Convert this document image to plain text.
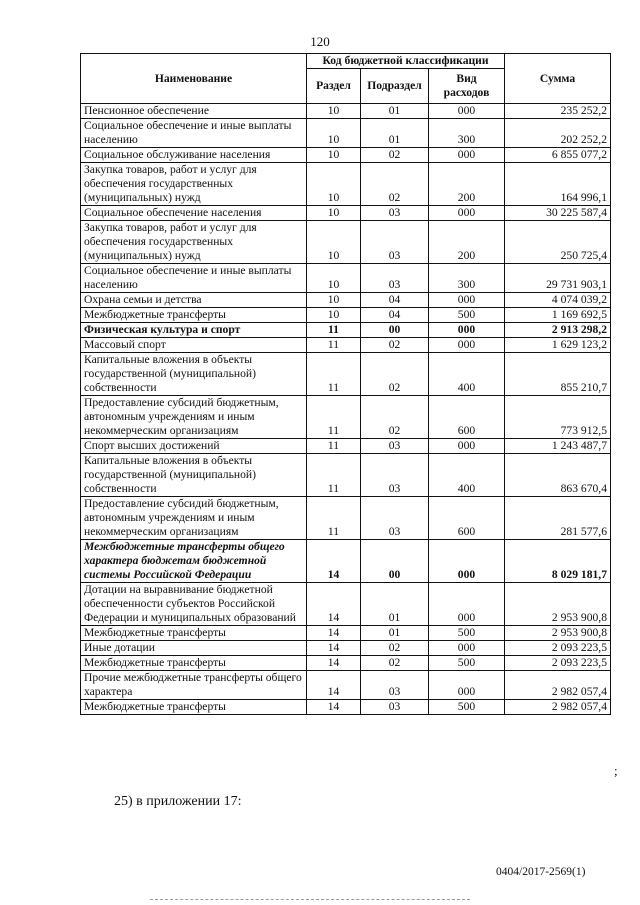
120
Наименование	Код бюджетной классификации			Сумма
	Раздел	Подраздел	Вид
расходов	
Пенсионное обеспечение	10	01	000	235 252,2
Социальное обеспечение и иные выплаты населению	10	01	300	202 252,2
Социальное обслуживание населения	10	02	000	6 855 077,2
Закупка товаров, работ и услуг для обеспечения государственных (муниципальных) нужд	10	02	200	164 996,1
Социальное обеспечение населения	10	03	000	30 225 587,4
Закупка товаров, работ и услуг для обеспечения государственных (муниципальных) нужд	10	03	200	250 725,4
Социальное обеспечение и иные выплаты населению	10	03	300	29 731 903,1
Охрана семьи и детства	10	04	000	4 074 039,2
Межбюджетные трансферты	10	04	500	1 169 692,5
Физическая культура и спорт	11	00	000	2 913 298,2
Массовый спорт	11	02	000	1 629 123,2
Капитальные вложения в объекты государственной (муниципальной) собственности	11	02	400	855 210,7
Предоставление субсидий бюджетным, автономным учреждениям и иным некоммерческим организациям	11	02	600	773 912,5
Спорт высших достижений	11	03	000	1 243 487,7
Капитальные вложения в объекты государственной (муниципальной) собственности	11	03	400	863 670,4
Предоставление субсидий бюджетным, автономным учреждениям и иным некоммерческим организациям	11	03	600	281 577,6
Межбюджетные трансферты общего характера бюджетам бюджетной системы Российской Федерации	14	00	000	8 029 181,7
Дотации на выравнивание бюджетной обеспеченности субъектов Российской Федерации и муниципальных образований	14	01	000	2 953 900,8
Межбюджетные трансферты	14	01	500	2 953 900,8
Иные дотации	14	02	000	2 093 223,5
Межбюджетные трансферты	14	02	500	2 093 223,5
Прочие межбюджетные трансферты общего характера	14	03	000	2 982 057,4
Межбюджетные трансферты	14	03	500	2 982 057,4
;
25) в приложении 17:
0404/2017-2569(1)
